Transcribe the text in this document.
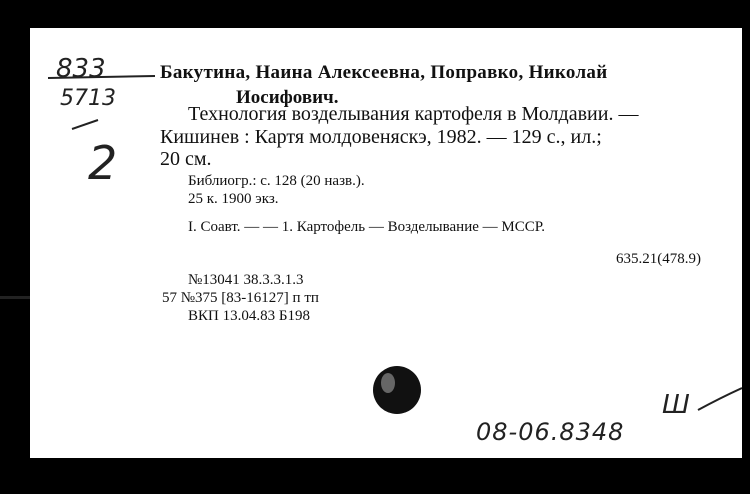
833
5713
2
Бакутина, Наина Алексеевна, Поправко, Николай
Иосифович.
Технология возделывания картофеля в Молдавии. —
Кишинев : Картя молдовеняскэ, 1982. — 129 с., ил.;
20 см.
Библиогр.: с. 128 (20 назв.).
25 к. 1900 экз.
I. Соавт. — — 1. Картофель — Возделывание — МССР.
635.21(478.9)
№13041 38.3.3.1.3
57 №375 [83-16127] п тп
ВКП 13.04.83 Б198
08-06.8348
Ш
